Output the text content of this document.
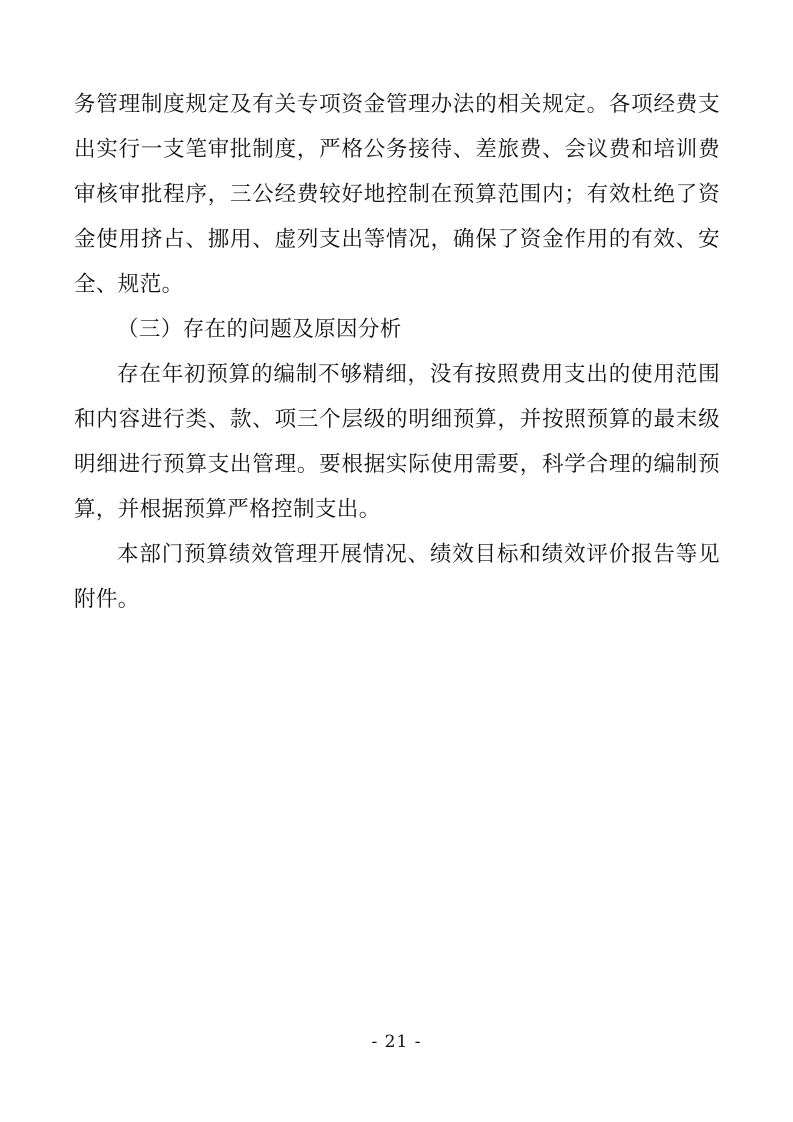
务管理制度规定及有关专项资金管理办法的相关规定。各项经费支出实行一支笔审批制度，严格公务接待、差旅费、会议费和培训费审核审批程序，三公经费较好地控制在预算范围内；有效杜绝了资金使用挤占、挪用、虚列支出等情况，确保了资金作用的有效、安全、规范。

（三）存在的问题及原因分析

存在年初预算的编制不够精细，没有按照费用支出的使用范围和内容进行类、款、项三个层级的明细预算，并按照预算的最末级明细进行预算支出管理。要根据实际使用需要，科学合理的编制预算，并根据预算严格控制支出。

本部门预算绩效管理开展情况、绩效目标和绩效评价报告等见附件。

- 21 -
